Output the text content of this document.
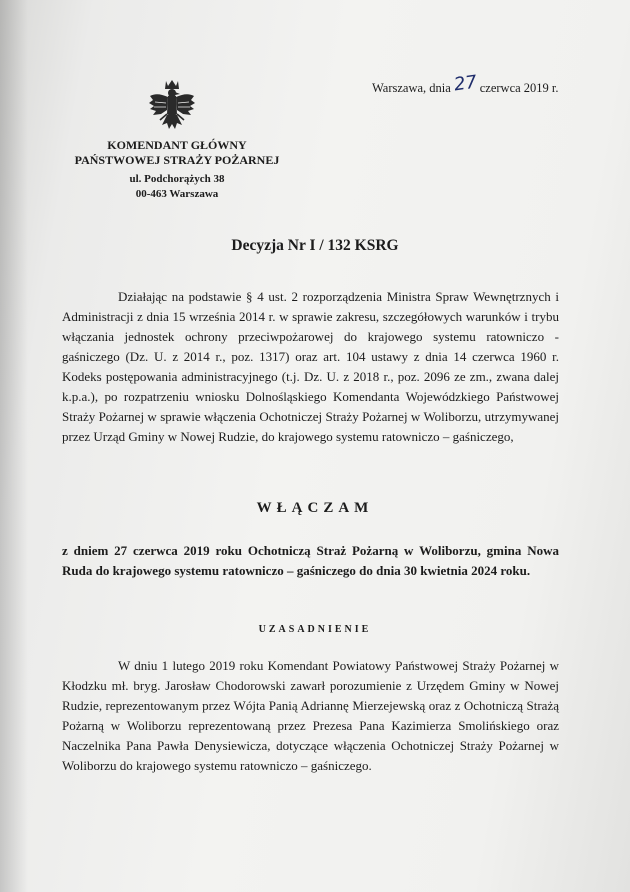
Warszawa, dnia27 czerwca 2019 r.
KOMENDANT GŁÓWNY
PAŃSTWOWEJ STRAŻY POŻARNEJ
ul. Podchorążych 38
00-463 Warszawa
Decyzja Nr I / 132 KSRG

Działając na podstawie § 4 ust. 2 rozporządzenia Ministra Spraw Wewnętrznych i Administracji z dnia 15 września 2014 r. w sprawie zakresu, szczegółowych warunków i trybu włączania jednostek ochrony przeciwpożarowej do krajowego systemu ratowniczo - gaśniczego (Dz. U. z 2014 r., poz. 1317) oraz art. 104 ustawy z dnia 14 czerwca 1960 r. Kodeks postępowania administracyjnego (t.j. Dz. U. z 2018 r., poz. 2096 ze zm., zwana dalej k.p.a.), po rozpatrzeniu wniosku Dolnośląskiego Komendanta Wojewódzkiego Państwowej Straży Pożarnej w sprawie włączenia Ochotniczej Straży Pożarnej w Woliborzu, utrzymywanej przez Urząd Gminy w Nowej Rudzie, do krajowego systemu ratowniczo – gaśniczego,

WŁĄCZAM

z dniem 27 czerwca 2019 roku Ochotniczą Straż Pożarną w Woliborzu, gmina Nowa Ruda do krajowego systemu ratowniczo – gaśniczego do dnia 30 kwietnia 2024 roku.

UZASADNIENIE

W dniu 1 lutego 2019 roku Komendant Powiatowy Państwowej Straży Pożarnej w Kłodzku mł. bryg. Jarosław Chodorowski zawarł porozumienie z Urzędem Gminy w Nowej Rudzie, reprezentowanym przez Wójta Panią Adriannę Mierzejewską oraz z Ochotniczą Strażą Pożarną w Woliborzu reprezentowaną przez Prezesa Pana Kazimierza Smolińskiego oraz Naczelnika Pana Pawła Denysiewicza, dotyczące włączenia Ochotniczej Straży Pożarnej w Woliborzu do krajowego systemu ratowniczo – gaśniczego.
